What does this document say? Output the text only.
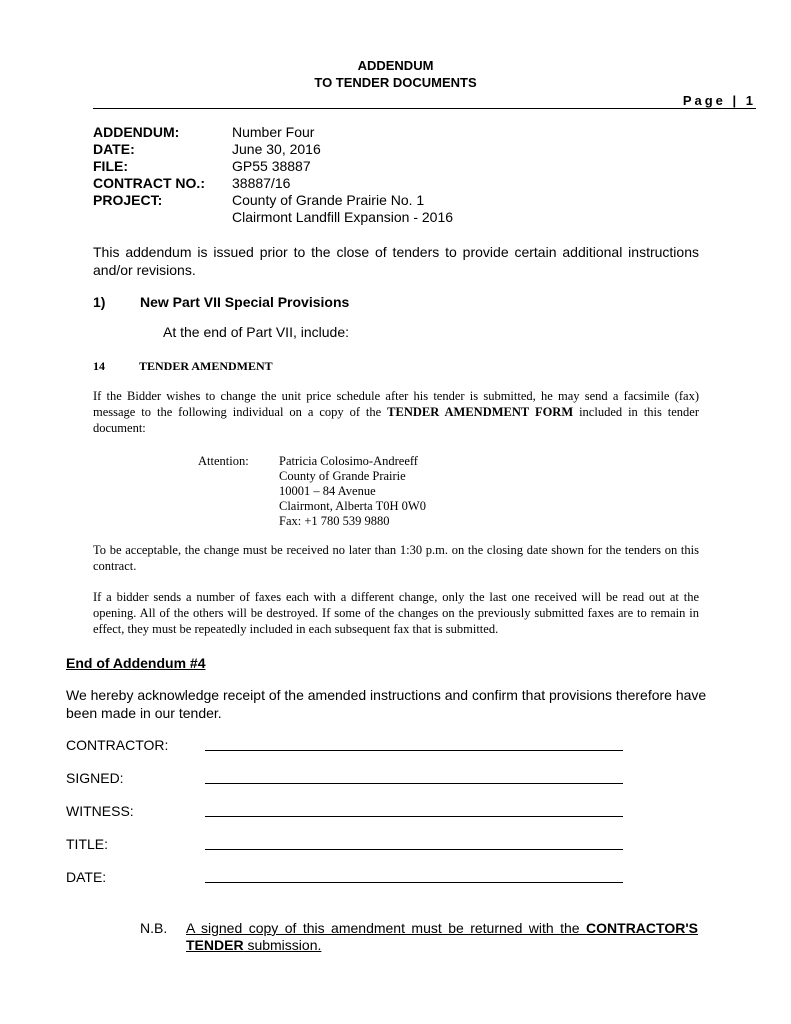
ADDENDUM
TO TENDER DOCUMENTS
Page | 1
ADDENDUM:	Number Four
DATE:	June 30, 2016
FILE:	GP55 38887
CONTRACT NO.:	38887/16
PROJECT:	County of Grande Prairie No. 1
Clairmont Landfill Expansion - 2016
This addendum is issued prior to the close of tenders to provide certain additional instructions and/or revisions.
1) New Part VII Special Provisions
At the end of Part VII, include:
14	TENDER AMENDMENT
If the Bidder wishes to change the unit price schedule after his tender is submitted, he may send a facsimile (fax) message to the following individual on a copy of the TENDER AMENDMENT FORM included in this tender document:
Attention: Patricia Colosimo-Andreeff
County of Grande Prairie
10001 – 84 Avenue
Clairmont, Alberta T0H 0W0
Fax: +1 780 539 9880
To be acceptable, the change must be received no later than 1:30 p.m. on the closing date shown for the tenders on this contract.
If a bidder sends a number of faxes each with a different change, only the last one received will be read out at the opening. All of the others will be destroyed. If some of the changes on the previously submitted faxes are to remain in effect, they must be repeatedly included in each subsequent fax that is submitted.
End of Addendum #4
We hereby acknowledge receipt of the amended instructions and confirm that provisions therefore have been made in our tender.
CONTRACTOR:
SIGNED:
WITNESS:
TITLE:
DATE:
N.B. A signed copy of this amendment must be returned with the CONTRACTOR'S TENDER submission.
